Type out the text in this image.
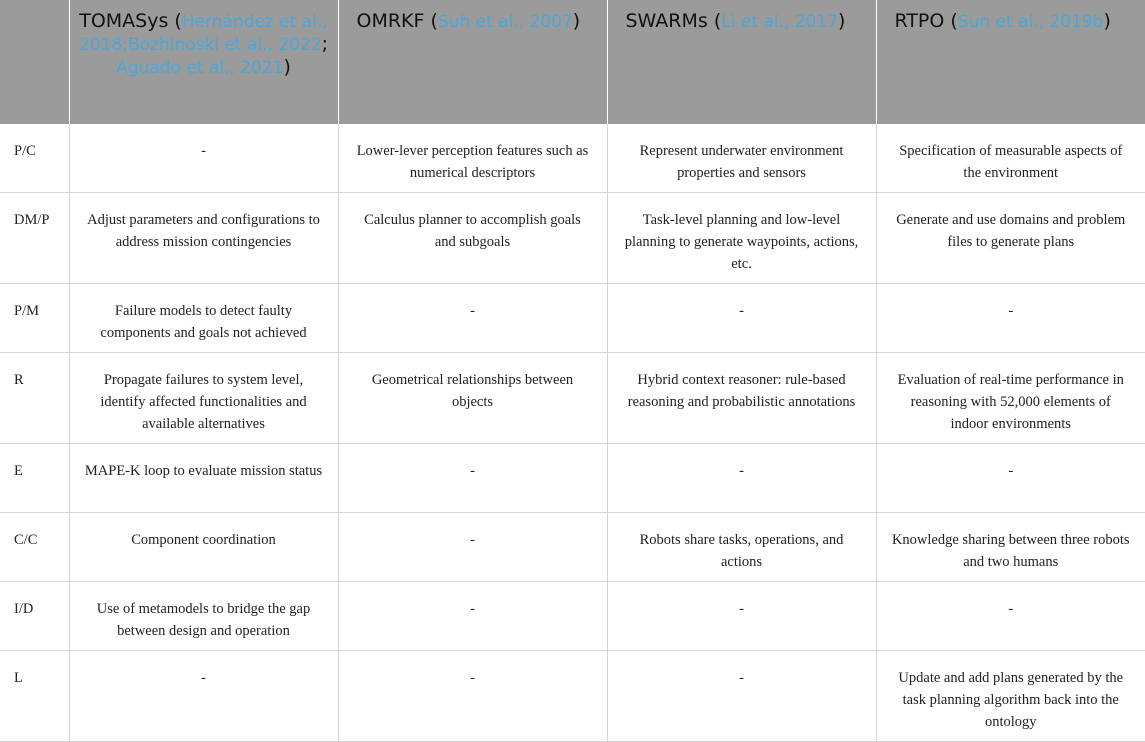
	TOMASys (Hernández et al., 2018;Bozhinoski et al., 2022; Aguado et al., 2021)	OMRKF (Suh et al., 2007)	SWARMs (Li et al., 2017)	RTPO (Sun et al., 2019b)
P/C	-	Lower-lever perception features such as numerical descriptors	Represent underwater environment properties and sensors	Specification of measurable aspects of the environment
DM/P	Adjust parameters and configurations to address mission contingencies	Calculus planner to accomplish goals and subgoals	Task-level planning and low-level planning to generate waypoints, actions, etc.	Generate and use domains and problem files to generate plans
P/M	Failure models to detect faulty components and goals not achieved	-	-	-
R	Propagate failures to system level, identify affected functionalities and available alternatives	Geometrical relationships between objects	Hybrid context reasoner: rule-based reasoning and probabilistic annotations	Evaluation of real-time performance in reasoning with 52,000 elements of indoor environments
E	MAPE-K loop to evaluate mission status	-	-	-
C/C	Component coordination	-	Robots share tasks, operations, and actions	Knowledge sharing between three robots and two humans
I/D	Use of metamodels to bridge the gap between design and operation	-	-	-
L	-	-	-	Update and add plans generated by the task planning algorithm back into the ontology
